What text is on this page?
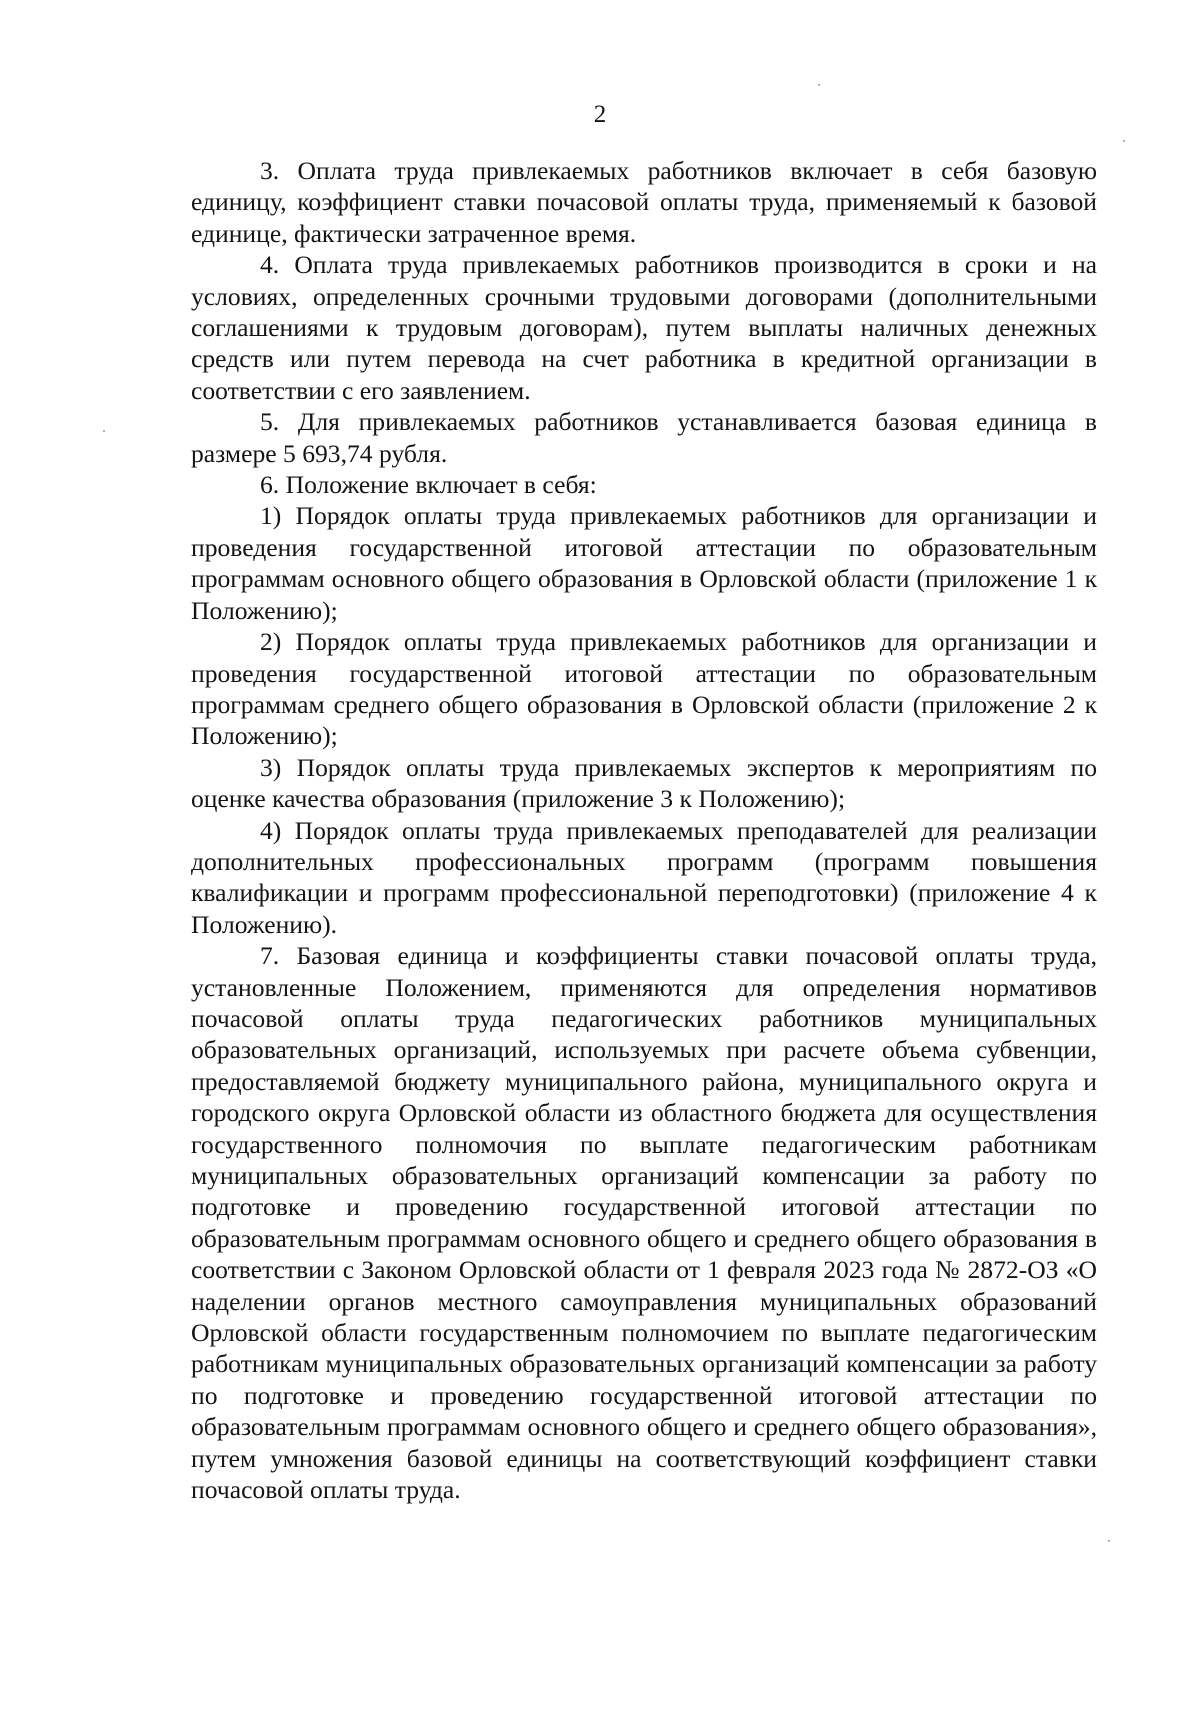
2

3. Оплата труда привлекаемых работников включает в себя базовую единицу, коэффициент ставки почасовой оплаты труда, применяемый к базовой единице, фактически затраченное время.

4. Оплата труда привлекаемых работников производится в сроки и на условиях, определенных срочными трудовыми договорами (дополнительными соглашениями к трудовым договорам), путем выплаты наличных денежных средств или путем перевода на счет работника в кредитной организации в соответствии с его заявлением.

5. Для привлекаемых работников устанавливается базовая единица в размере 5 693,74 рубля.

6. Положение включает в себя:

1) Порядок оплаты труда привлекаемых работников для организации и проведения государственной итоговой аттестации по образовательным программам основного общего образования в Орловской области (приложение 1 к Положению);

2) Порядок оплаты труда привлекаемых работников для организации и проведения государственной итоговой аттестации по образовательным программам среднего общего образования в Орловской области (приложение 2 к Положению);

3) Порядок оплаты труда привлекаемых экспертов к мероприятиям по оценке качества образования (приложение 3 к Положению);

4) Порядок оплаты труда привлекаемых преподавателей для реализации дополнительных профессиональных программ (программ повышения квалификации и программ профессиональной переподготовки) (приложение 4 к Положению).

7. Базовая единица и коэффициенты ставки почасовой оплаты труда, установленные Положением, применяются для определения нормативов почасовой оплаты труда педагогических работников муниципальных образовательных организаций, используемых при расчете объема субвенции, предоставляемой бюджету муниципального района, муниципального округа и городского округа Орловской области из областного бюджета для осуществления государственного полномочия по выплате педагогическим работникам муниципальных образовательных организаций компенсации за работу по подготовке и проведению государственной итоговой аттестации по образовательным программам основного общего и среднего общего образования в соответствии с Законом Орловской области от 1 февраля 2023 года № 2872-ОЗ «О наделении органов местного самоуправления муниципальных образований Орловской области государственным полномочием по выплате педагогическим работникам муниципальных образовательных организаций компенсации за работу по подготовке и проведению государственной итоговой аттестации по образовательным программам основного общего и среднего общего образования», путем умножения базовой единицы на соответствующий коэффициент ставки почасовой оплаты труда.
